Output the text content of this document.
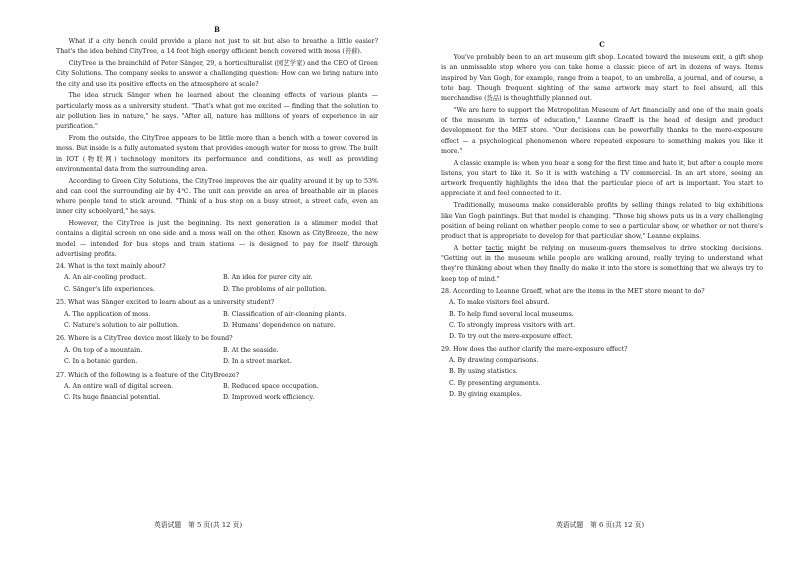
B

What if a city bench could provide a place not just to sit but also to breathe a little easier? That's the idea behind CityTree, a 14 foot high energy efficient bench covered with moss (苔藓).

CityTree is the brainchild of Peter Sänger, 29, a horticulturalist (园艺学家) and the CEO of Green City Solutions. The company seeks to answer a challenging question: How can we bring nature into the city and use its positive effects on the atmosphere at scale?

The idea struck Sänger when he learned about the cleaning effects of various plants — particularly moss as a university student. "That's what got me excited — finding that the solution to air pollution lies in nature," he says. "After all, nature has millions of years of experience in air purification."

From the outside, the CityTree appears to be little more than a bench with a tower covered in moss. But inside is a fully automated system that provides enough water for moss to grow. The built in IOT (物联网) technology monitors its performance and conditions, as well as providing environmental data from the surrounding area.

According to Green City Solutions, the CityTree improves the air quality around it by up to 53% and can cool the surrounding air by 4℃. The unit can provide an area of breathable air in places where people tend to stick around. "Think of a bus stop on a busy street, a street cafe, even an inner city schoolyard," he says.

However, the CityTree is just the beginning. Its next generation is a slimmer model that contains a digital screen on one side and a moss wall on the other. Known as CityBreeze, the new model — intended for bus stops and train stations — is designed to pay for itself through advertising profits.

24. What is the text mainly about?
A. An air-cooling product.	B. An idea for purer city air.
C. Sänger's life experiences.	D. The problems of air pollution.
25. What was Sänger excited to learn about as a university student?
A. The application of moss.	B. Classification of air-cleaning plants.
C. Nature's solution to air pollution.	D. Humans' dependence on nature.
26. Where is a CityTree device most likely to be found?
A. On top of a mountain.	B. At the seaside.
C. In a botanic garden.	D. In a street market.
27. Which of the following is a feature of the CityBreeze?
A. An entire wall of digital screen.	B. Reduced space occupation.
C. Its huge financial potential.	D. Improved work efficiency.
英语试题　第 5 页(共 12 页)
C

You've probably been to an art museum gift shop. Located toward the museum exit, a gift shop is an unmissable stop where you can take home a classic piece of art in dozens of ways. Items inspired by Van Gogh, for example, range from a teapot, to an umbrella, a journal, and of course, a tote bag. Though frequent sighting of the same artwork may start to feel absurd, all this merchandise (货品) is thoughtfully planned out.

"We are here to support the Metropolitan Museum of Art financially and one of the main goals of the museum in terms of education," Leanne Graeff is the head of design and product development for the MET store. "Our decisions can be powerfully thanks to the mere-exposure effect — a psychological phenomenon where repeated exposure to something makes you like it more."

A classic example is: when you hear a song for the first time and hate it, but after a couple more listens, you start to like it. So it is with watching a TV commercial. In an art store, seeing an artwork frequently highlights the idea that the particular piece of art is important. You start to appreciate it and feel connected to it.

Traditionally, museums make considerable profits by selling things related to big exhibitions like Van Gogh paintings. But that model is changing. "Those big shows puts us in a very challenging position of being reliant on whether people come to see a particular show, or whether or not there's product that is appropriate to develop for that particular show," Leanne explains.

A better tactic might be relying on museum-goers themselves to drive stocking decisions. "Getting out in the museum while people are walking around, really trying to understand what they're thinking about when they finally do make it into the store is something that we always try to keep top of mind."

28. According to Leanne Graeff, what are the items in the MET store meant to do?
A. To make visitors feel absurd.
B. To help fund several local museums.
C. To strongly impress visitors with art.
D. To try out the mere-exposure effect.
29. How does the author clarify the mere-exposure effect?
A. By drawing comparisons.
B. By using statistics.
C. By presenting arguments.
D. By giving examples.
英语试题　第 6 页(共 12 页)
